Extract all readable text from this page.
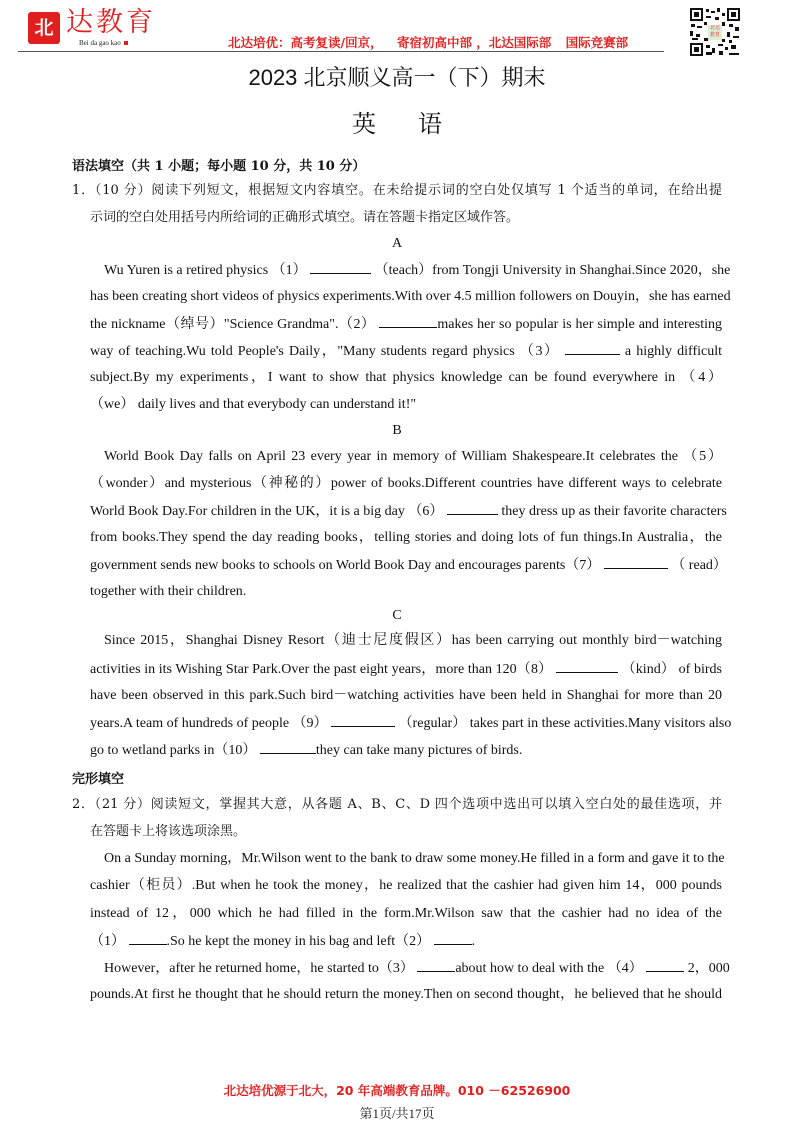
北 达教育
Bei da gao kao	北达培优：高考复读/回京， 寄宿初高中部 ，北达国际部 国际竞赛部
北达教育
2023 北京顺义高一（下）期末
英 语
语法填空（共 1 小题；每小题 10 分，共 10 分）
1．（10 分）阅读下列短文，根据短文内容填空。在未给提示词的空白处仅填写 1 个适当的单词，在给出提
示词的空白处用括号内所给词的正确形式填空。请在答题卡指定区域作答。
A
Wu Yuren is a retired physics （1）	（teach）from Tongji University in Shanghai.Since 2020，she
has been creating short videos of physics experiments.With over 4.5 million followers on Douyin，she has earned
the nickname（绰号）"Science Grandma".（2）	makes her so popular is her simple and interesting
way of teaching.Wu told People's Daily，"Many students regard physics （3）	a highly difficult
subject.By my experiments，I want to show that physics knowledge can be found everywhere in （4）
（we） daily lives and that everybody can understand it!"
B
World Book Day falls on April 23 every year in memory of William Shakespeare.It celebrates the （5）
（wonder）and mysterious（神秘的）power of books.Different countries have different ways to celebrate
World Book Day.For children in the UK，it is a big day （6）	they dress up as their favorite characters
from books.They spend the day reading books，telling stories and doing lots of fun things.In Australia，the
government sends new books to schools on World Book Day and encourages parents（7）	（ read）
together with their children.
C
Since 2015，Shanghai Disney Resort（迪士尼度假区）has been carrying out monthly bird－watching
activities in its Wishing Star Park.Over the past eight years，more than 120（8）	（kind） of birds
have been observed in this park.Such bird－watching activities have been held in Shanghai for more than 20
years.A team of hundreds of people （9）	（regular） takes part in these activities.Many visitors also
go to wetland parks in（10）	they can take many pictures of birds.
完形填空
2．（21 分）阅读短文，掌握其大意，从各题 A、B、C、D 四个选项中选出可以填入空白处的最佳选项，并
在答题卡上将该选项涂黑。
On a Sunday morning，Mr.Wilson went to the bank to draw some money.He filled in a form and gave it to the
cashier（柜员）.But when he took the money，he realized that the cashier had given him 14，000 pounds
instead of 12，000 which he had filled in the form.Mr.Wilson saw that the cashier had no idea of the
（1）	.So he kept the money in his bag and left（2）	.
However，after he returned home，he started to（3）	about how to deal with the （4）	2，000
pounds.At first he thought that he should return the money.Then on second thought，he believed that he should
北达培优源于北大，20 年高端教育品牌。010 －62526900
第1页/共17页
